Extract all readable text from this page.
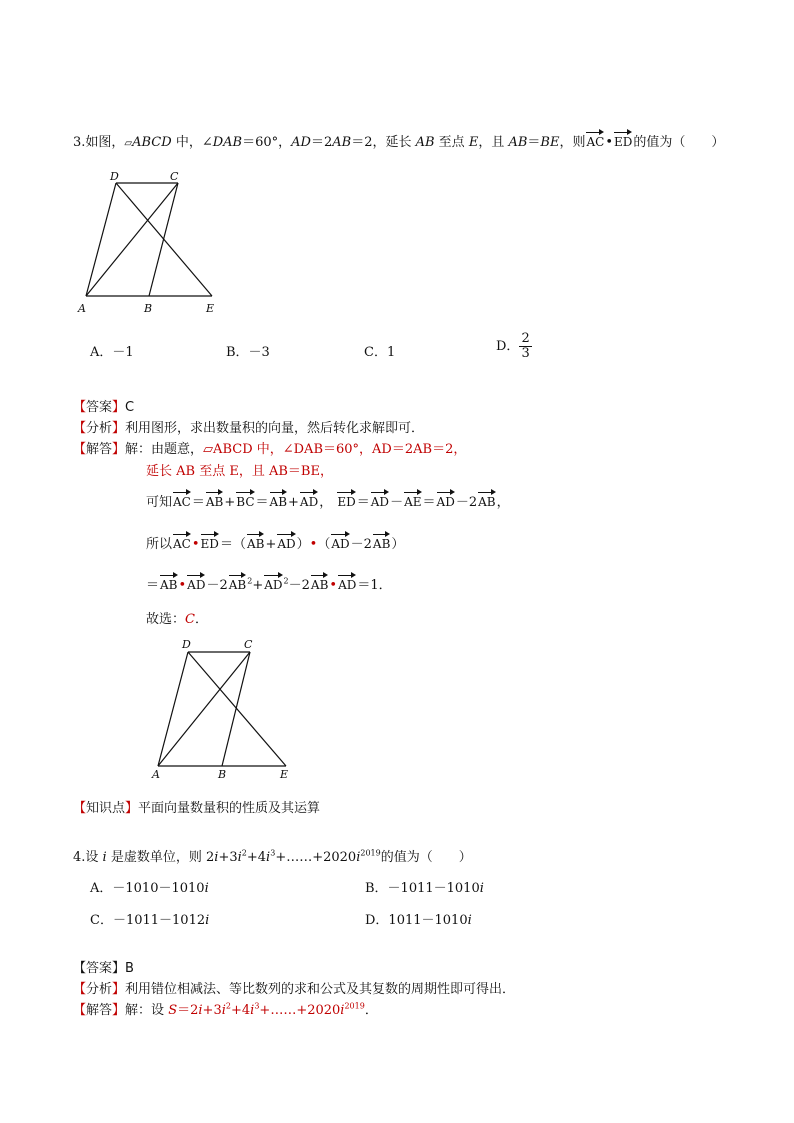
3.如图，▱ABCD 中，∠DAB＝60°，AD＝2AB＝2，延长 AB 至点 E，且 AB＝BE，则AC•ED的值为（　　）
D	C
A	B	E
A．－1	B．－3	C．1	D． $\frac{2}{3}$
【答案】C
【分析】利用图形，求出数量积的向量，然后转化求解即可．
【解答】解：由题意，▱ABCD 中，∠DAB＝60°，AD＝2AB＝2，
延长 AB 至点 E，且 AB＝BE，
可知AC＝AB+BC＝AB+AD， ED＝AD－AE＝AD－2AB，
所以AC•ED＝（AB+AD）•（AD－2AB）
$=AB•AD-2AB^2+AD^2-2AB•AD=1$．
故选：C．
D	C
A	B	E
【知识点】平面向量数量积的性质及其运算
4.设 i 是虚数单位，则 $2i+3i^2+4i^3+\dots\dots+2020i^{2019}$的值为（　　）
A．－1010－1010i	B．－1011－1010i
C．－1011－1012i	D．1011－1010i
【答案】B
【分析】利用错位相减法、等比数列的求和公式及其复数的周期性即可得出．
【解答】解：设 $S=2i+3i^2+4i^3+\dots\dots+2020i^{2019}$．
